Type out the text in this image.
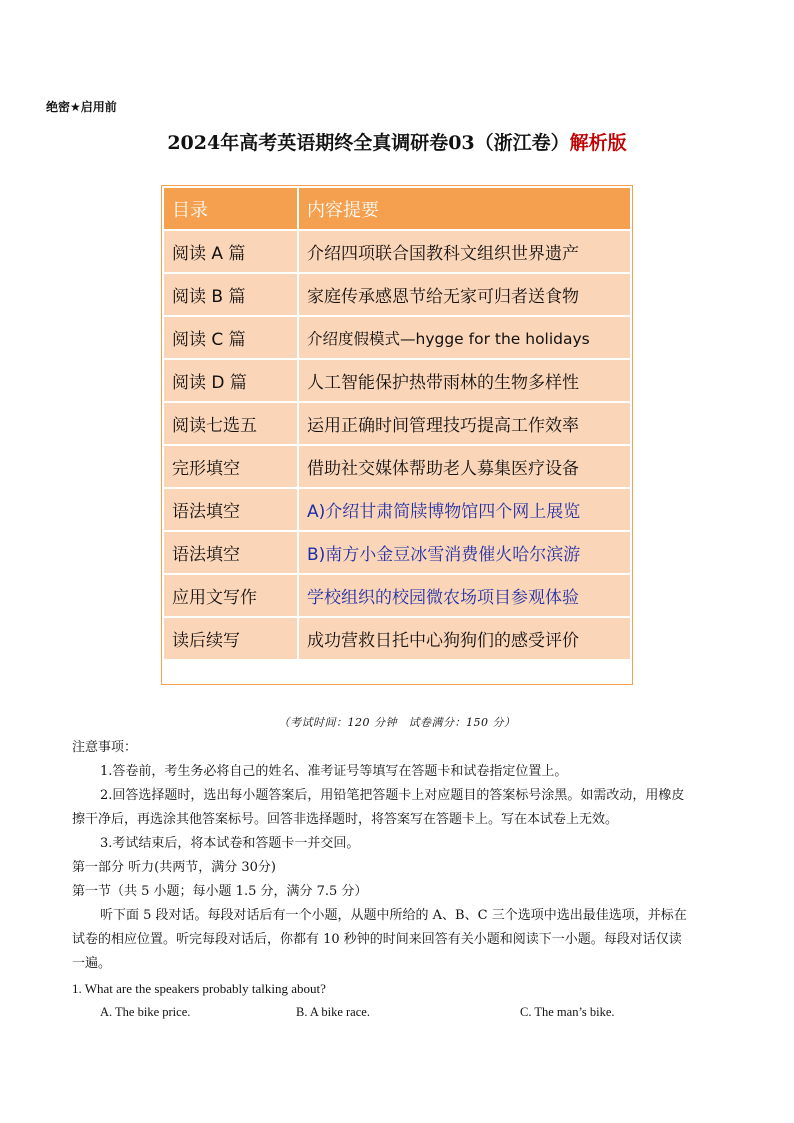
绝密★启用前
2024年高考英语期终全真调研卷03（浙江卷）解析版
目录	内容提要
阅读 A 篇	介绍四项联合国教科文组织世界遗产
阅读 B 篇	家庭传承感恩节给无家可归者送食物
阅读 C 篇	介绍度假模式—hygge for the holidays
阅读 D 篇	人工智能保护热带雨林的生物多样性
阅读七选五	运用正确时间管理技巧提高工作效率
完形填空	借助社交媒体帮助老人募集医疗设备
语法填空	A)介绍甘肃简牍博物馆四个网上展览
语法填空	B)南方小金豆冰雪消费催火哈尔滨游
应用文写作	学校组织的校园微农场项目参观体验
读后续写	成功营救日托中心狗狗们的感受评价
（考试时间：120 分钟　试卷满分：150 分）
注意事项：
1.答卷前，考生务必将自己的姓名、准考证号等填写在答题卡和试卷指定位置上。
2.回答选择题时，选出每小题答案后，用铅笔把答题卡上对应题目的答案标号涂黑。如需改动，用橡皮
擦干净后，再选涂其他答案标号。回答非选择题时，将答案写在答题卡上。写在本试卷上无效。
3.考试结束后，将本试卷和答题卡一并交回。
第一部分 听力(共两节，满分 30分)
第一节（共 5 小题；每小题 1.5 分，满分 7.5 分）
听下面 5 段对话。每段对话后有一个小题，从题中所给的 A、B、C 三个选项中选出最佳选项，并标在
试卷的相应位置。听完每段对话后，你都有 10 秒钟的时间来回答有关小题和阅读下一小题。每段对话仅读
一遍。
1. What are the speakers probably talking about?
A. The bike price.	B. A bike race.	C. The man’s bike.
